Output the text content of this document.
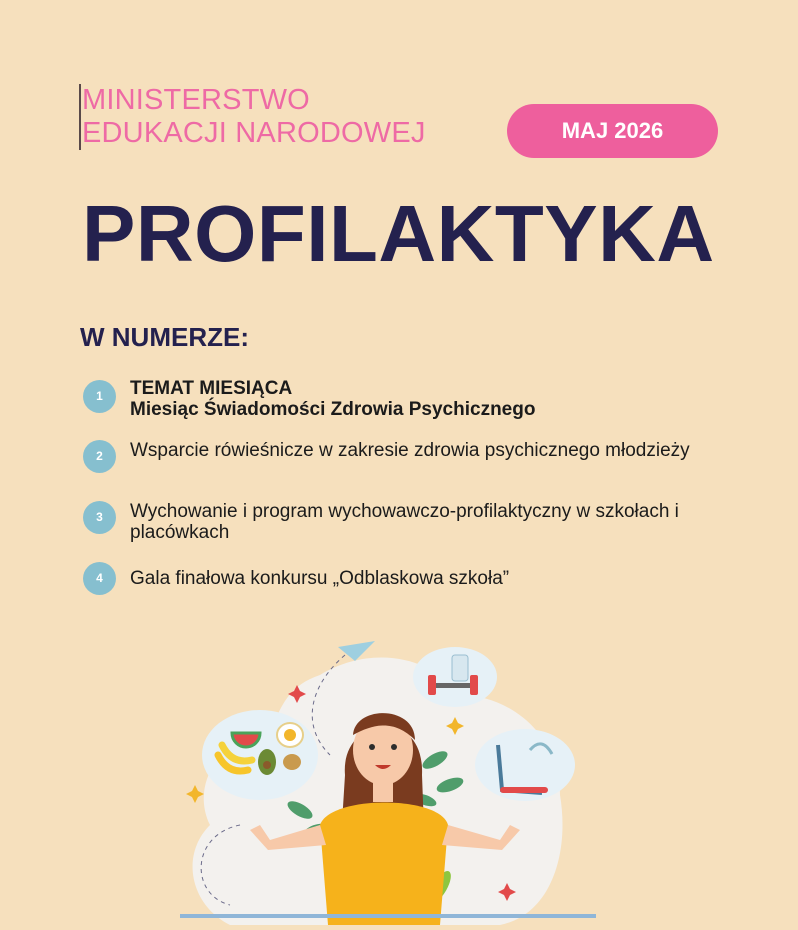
MINISTERSTWO
EDUKACJI NARODOWEJ	MAJ 2026
PROFILAKTYKA
W NUMERZE:
1	TEMAT MIESIĄCA
Miesiąc Świadomości Zdrowia Psychicznego
2	Wsparcie rówieśnicze w zakresie zdrowia psychicznego młodzieży
3	Wychowanie i program wychowawczo-profilaktyczny w szkołach i placówkach
4	Gala finałowa konkursu „Odblaskowa szkoła”
